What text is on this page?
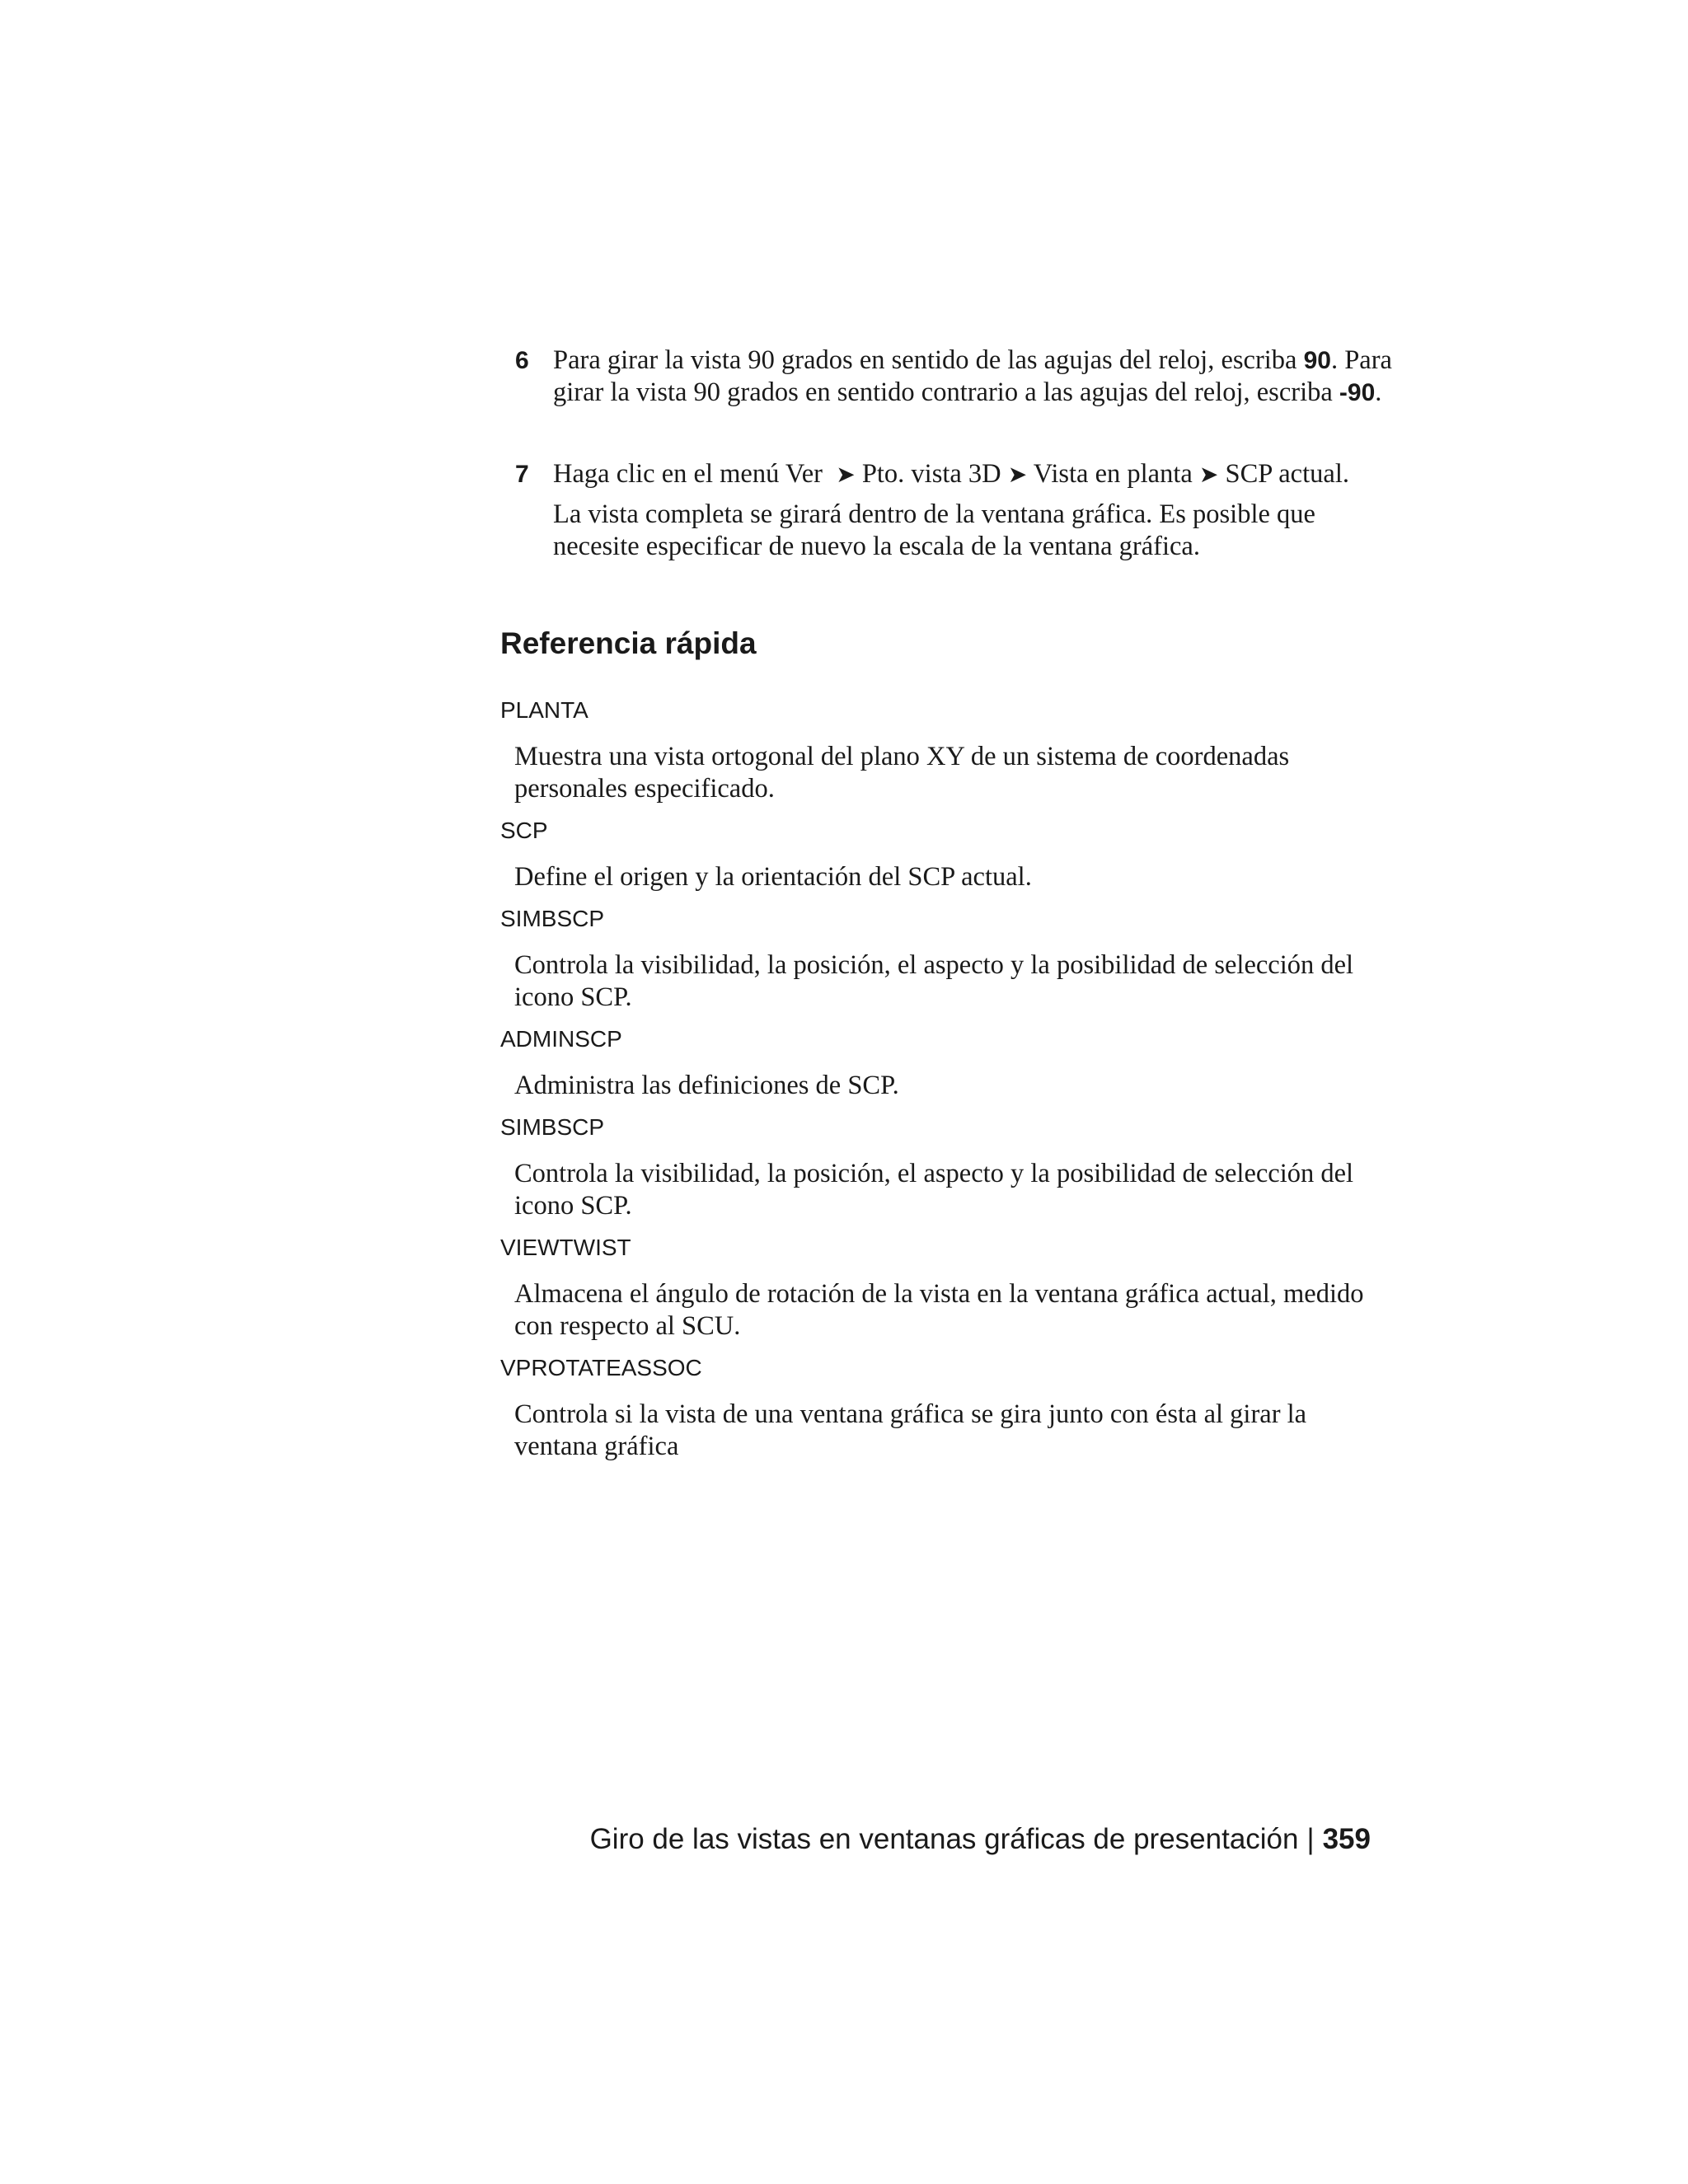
6 Para girar la vista 90 grados en sentido de las agujas del reloj, escriba 90. Para girar la vista 90 grados en sentido contrario a las agujas del reloj, escriba -90.

7 Haga clic en el menú Ver ➤ Pto. vista 3D ➤ Vista en planta ➤ SCP actual.

La vista completa se girará dentro de la ventana gráfica. Es posible que necesite especificar de nuevo la escala de la ventana gráfica.

Referencia rápida

PLANTA

Muestra una vista ortogonal del plano XY de un sistema de coordenadas personales especificado.

SCP

Define el origen y la orientación del SCP actual.

SIMBSCP

Controla la visibilidad, la posición, el aspecto y la posibilidad de selección del icono SCP.

ADMINSCP

Administra las definiciones de SCP.

SIMBSCP

Controla la visibilidad, la posición, el aspecto y la posibilidad de selección del icono SCP.

VIEWTWIST

Almacena el ángulo de rotación de la vista en la ventana gráfica actual, medido con respecto al SCU.

VPROTATEASSOC

Controla si la vista de una ventana gráfica se gira junto con ésta al girar la ventana gráfica

Giro de las vistas en ventanas gráficas de presentación | 359
